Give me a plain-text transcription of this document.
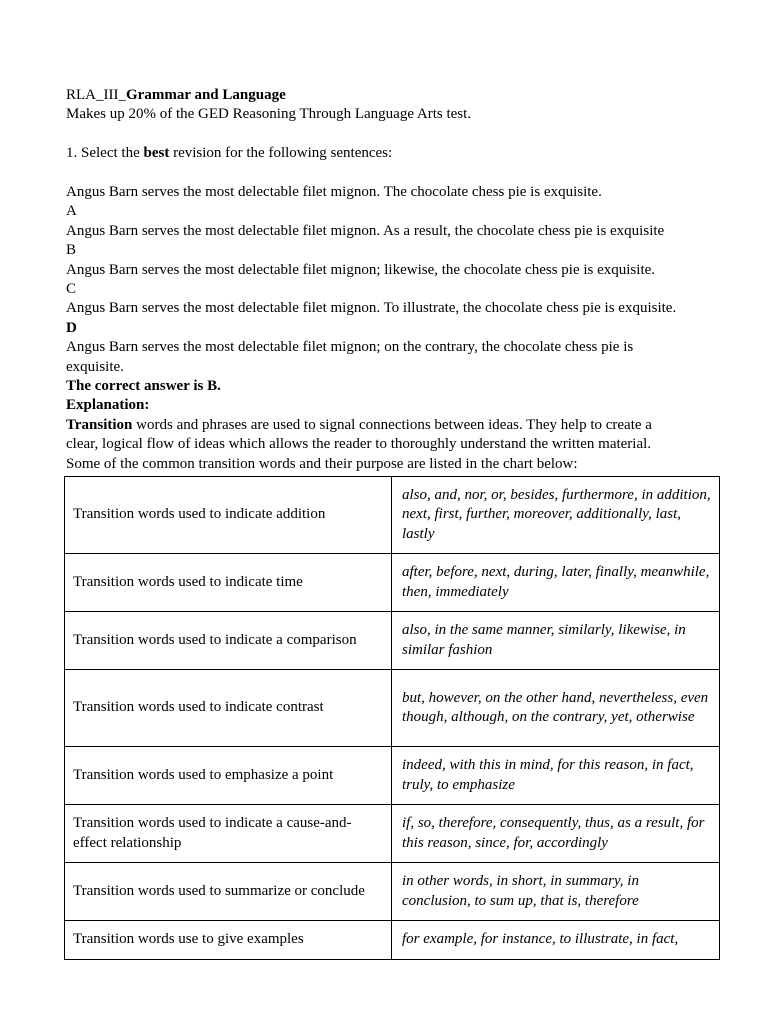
RLA_III_Grammar and Language

Makes up 20% of the GED Reasoning Through Language Arts test.

1. Select the best revision for the following sentences:

Angus Barn serves the most delectable filet mignon. The chocolate chess pie is exquisite.

A

Angus Barn serves the most delectable filet mignon. As a result, the chocolate chess pie is exquisite

B

Angus Barn serves the most delectable filet mignon; likewise, the chocolate chess pie is exquisite.

C

Angus Barn serves the most delectable filet mignon. To illustrate, the chocolate chess pie is exquisite.

D

Angus Barn serves the most delectable filet mignon; on the contrary, the chocolate chess pie is exquisite.

The correct answer is B.

Explanation:

Transition words and phrases are used to signal connections between ideas. They help to create a clear, logical flow of ideas which allows the reader to thoroughly understand the written material. Some of the common transition words and their purpose are listed in the chart below:

Transition words used to indicate addition	also, and, nor, or, besides, furthermore, in addition, next, first, further, moreover, additionally, last, lastly
Transition words used to indicate time	after, before, next, during, later, finally, meanwhile, then, immediately
Transition words used to indicate a comparison	also, in the same manner, similarly, likewise, in similar fashion
Transition words used to indicate contrast	but, however, on the other hand, nevertheless, even though, although, on the contrary, yet, otherwise
Transition words used to emphasize a point	indeed, with this in mind, for this reason, in fact, truly, to emphasize
Transition words used to indicate a cause-and-effect relationship	if, so, therefore, consequently, thus, as a result, for this reason, since, for, accordingly
Transition words used to summarize or conclude	in other words, in short, in summary, in conclusion, to sum up, that is, therefore
Transition words use to give examples	for example, for instance, to illustrate, in fact,
